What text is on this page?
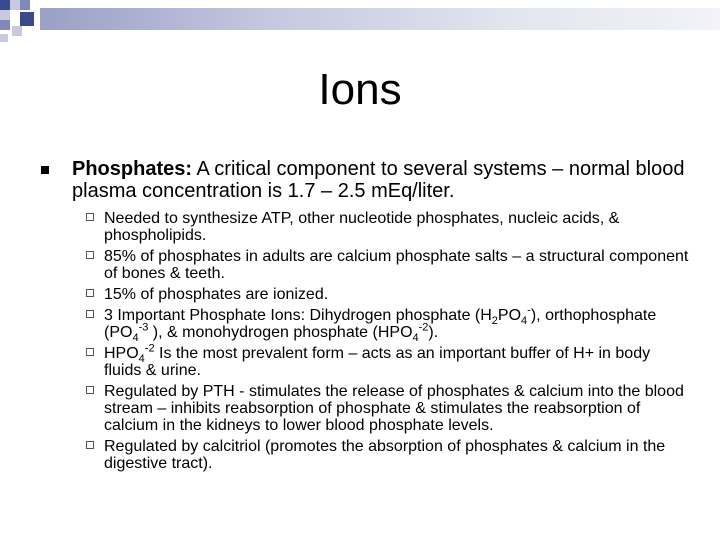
Ions
Phosphates: A critical component to several systems – normal blood plasma concentration is 1.7 – 2.5 mEq/liter.
Needed to synthesize ATP, other nucleotide phosphates, nucleic acids, & phospholipids.
85% of phosphates in adults are calcium phosphate salts – a structural component of bones & teeth.
15% of phosphates are ionized.
3 Important Phosphate Ions: Dihydrogen phosphate $(H_2PO_4^-)$, orthophosphate ($PO_4^{-3}$ ), & monohydrogen phosphate $(HPO_4^{-2})$.
$HPO_4^{-2}$ Is the most prevalent form – acts as an important buffer of H+ in body fluids & urine.
Regulated by PTH - stimulates the release of phosphates & calcium into the blood stream – inhibits reabsorption of phosphate & stimulates the reabsorption of calcium in the kidneys to lower blood phosphate levels.
Regulated by calcitriol (promotes the absorption of phosphates & calcium in the digestive tract).
